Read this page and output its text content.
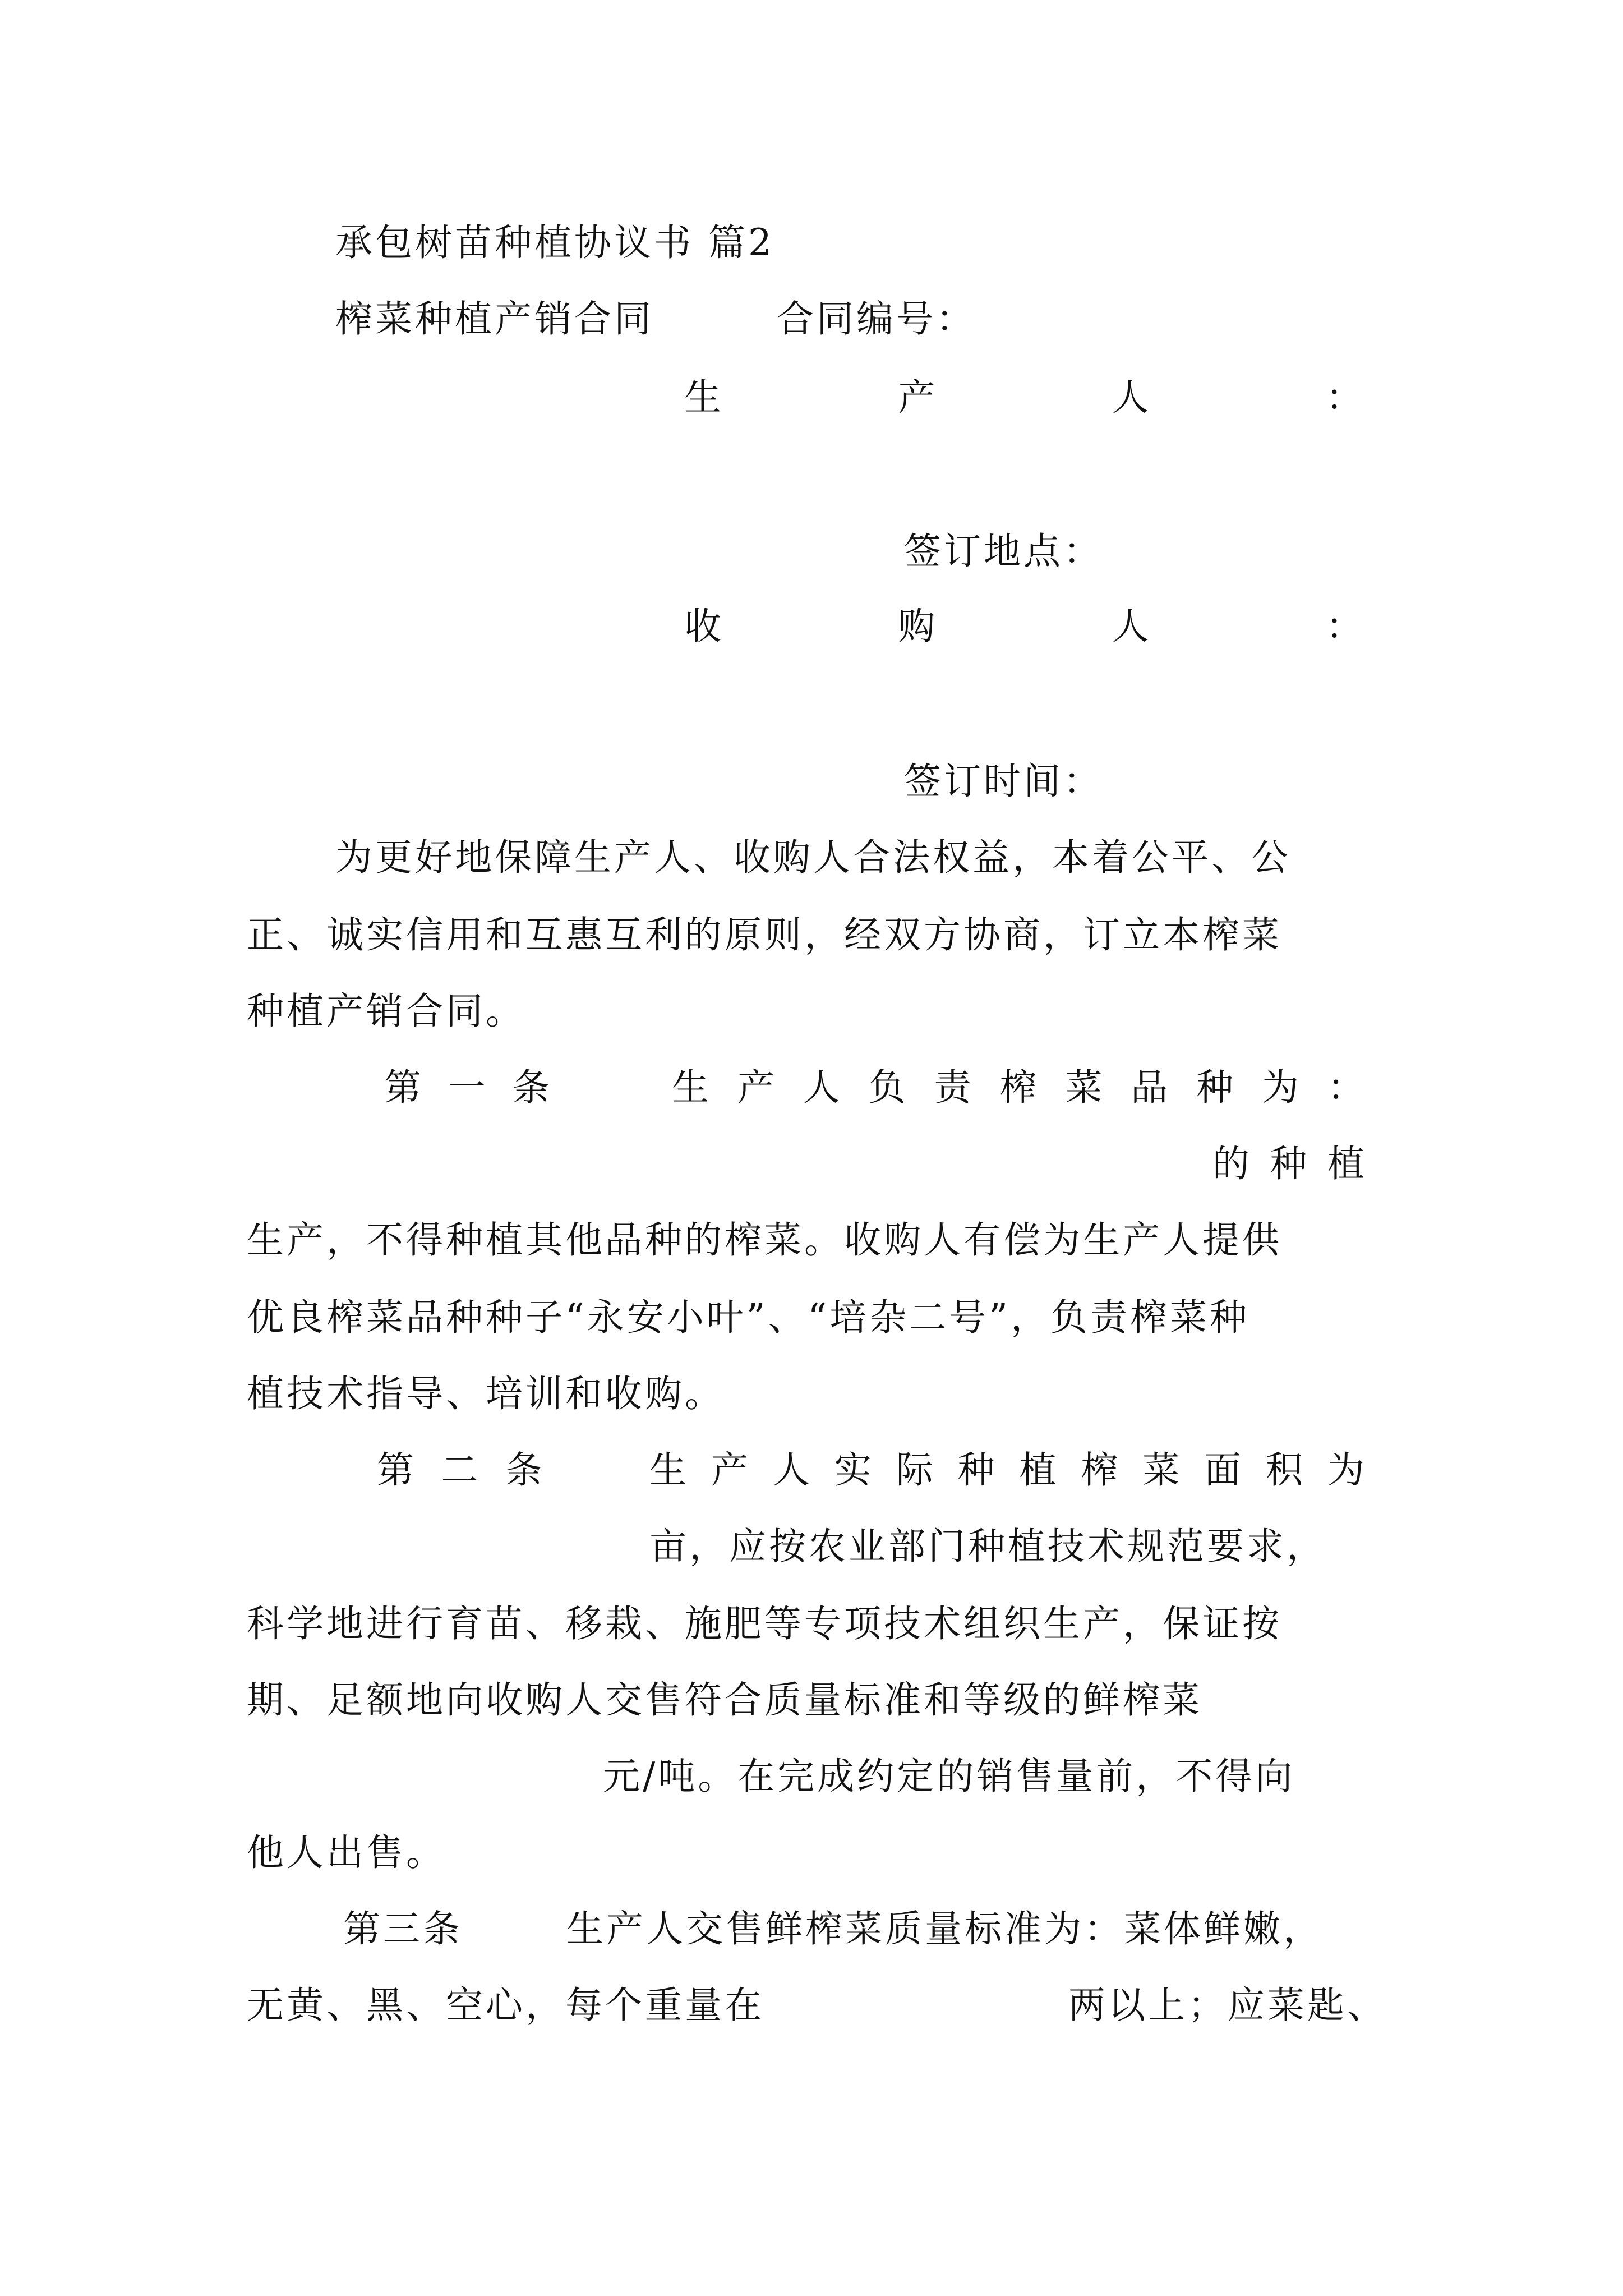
承包树苗种植协议书 篇2

榨菜种植产销合同	合同编号：

生	产	人	：

签订地点：

收	购	人	：

签订时间：

为更好地保障生产人、收购人合法权益，本着公平、公

正、诚实信用和互惠互利的原则，经双方协商，订立本榨菜

种植产销合同。

第 一 条	生 产 人 负 责 榨 菜 品 种 为 ：
的 种 植

生产，不得种植其他品种的榨菜。收购人有偿为生产人提供

优良榨菜品种种子“永安小叶”、“培杂二号”，负责榨菜种

植技术指导、培训和收购。

第 二 条	生 产 人 实 际 种 植 榨 菜 面 积 为

亩，应按农业部门种植技术规范要求，

科学地进行育苗、移栽、施肥等专项技术组织生产，保证按

期、足额地向收购人交售符合质量标准和等级的鲜榨菜

元/吨。在完成约定的销售量前，不得向

他人出售。

第三条	生产人交售鲜榨菜质量标准为：菜体鲜嫩，

无黄、黑、空心，每个重量在	两以上；应菜匙、
